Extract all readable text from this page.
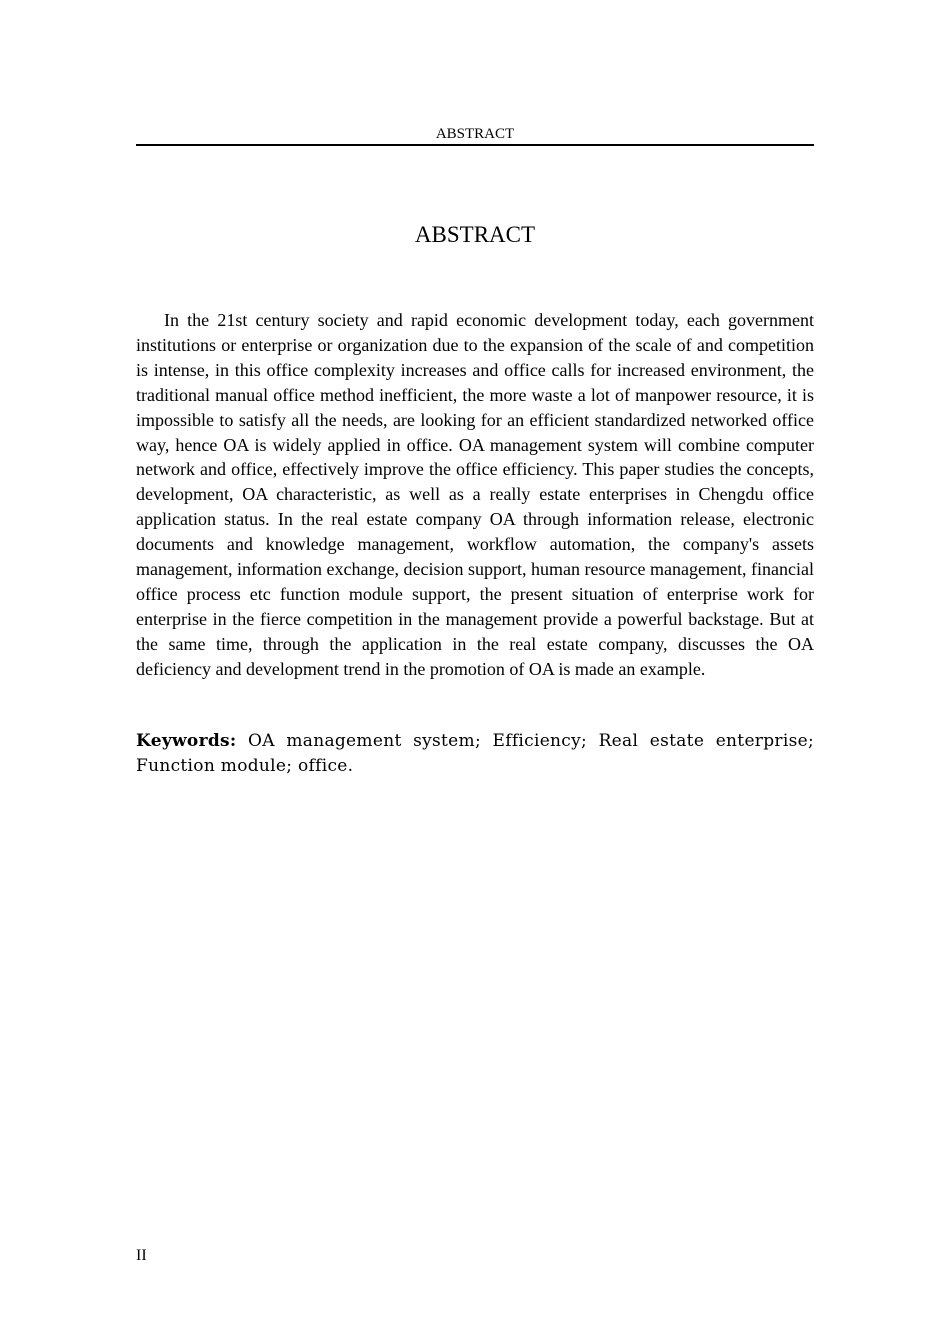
ABSTRACT
ABSTRACT

In the 21st century society and rapid economic development today, each government institutions or enterprise or organization due to the expansion of the scale of and competition is intense, in this office complexity increases and office calls for increased environment, the traditional manual office method inefficient, the more waste a lot of manpower resource, it is impossible to satisfy all the needs, are looking for an efficient standardized networked office way, hence OA is widely applied in office. OA management system will combine computer network and office, effectively improve the office efficiency. This paper studies the concepts, development, OA characteristic, as well as a really estate enterprises in Chengdu office application status. In the real estate company OA through information release, electronic documents and knowledge management, workflow automation, the company's assets management, information exchange, decision support, human resource management, financial office process etc function module support, the present situation of enterprise work for enterprise in the fierce competition in the management provide a powerful backstage. But at the same time, through the application in the real estate company, discusses the OA deficiency and development trend in the promotion of OA is made an example.

Keywords: OA management system; Efficiency; Real estate enterprise; Function module; office.

II
